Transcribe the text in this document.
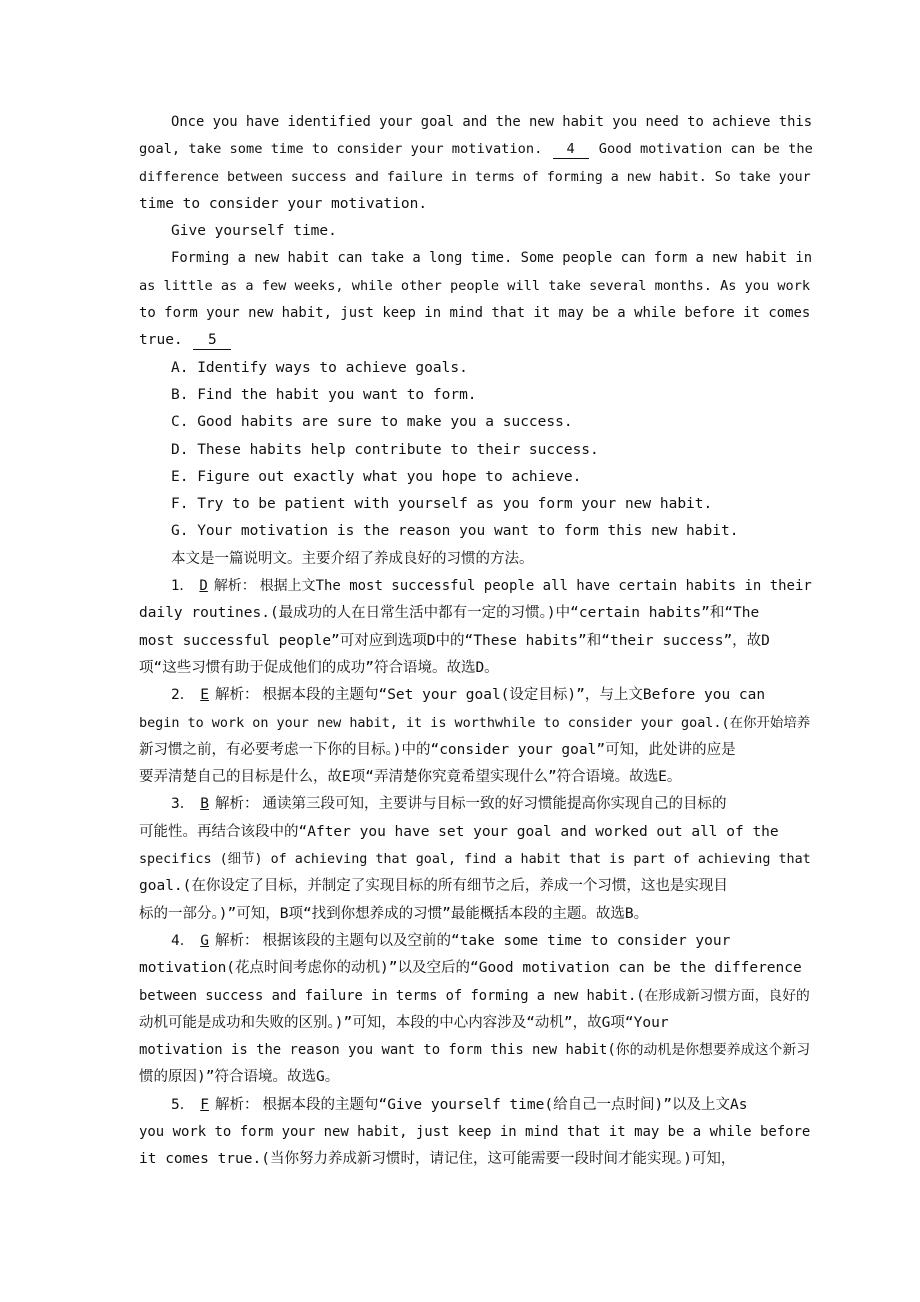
Once you have identified your goal and the new habit you need to achieve this
goal, take some time to consider your motivation. 4 Good motivation can be the
difference between success and failure in terms of forming a new habit. So take your
time to consider your motivation.
Give yourself time.
Forming a new habit can take a long time. Some people can form a new habit in
as little as a few weeks, while other people will take several months. As you work
to form your new habit, just keep in mind that it may be a while before it comes
true. 5
A. Identify ways to achieve goals.
B. Find the habit you want to form.
C. Good habits are sure to make you a success.
D. These habits help contribute to their success.
E. Figure out exactly what you hope to achieve.
F. Try to be patient with yourself as you form your new habit.
G. Your motivation is the reason you want to form this new habit.
本文是一篇说明文。主要介绍了养成良好的习惯的方法。
1． D 解析： 根据上文The most successful people all have certain habits in their
daily routines.(最成功的人在日常生活中都有一定的习惯。)中“certain habits”和“The
most successful people”可对应到选项D中的“These habits”和“their success”，故D
项“这些习惯有助于促成他们的成功”符合语境。故选D。
2． E 解析： 根据本段的主题句“Set your goal(设定目标)”，与上文Before you can
begin to work on your new habit, it is worthwhile to consider your goal.(在你开始培养
新习惯之前，有必要考虑一下你的目标。)中的“consider your goal”可知，此处讲的应是
要弄清楚自己的目标是什么，故E项“弄清楚你究竟希望实现什么”符合语境。故选E。
3． B 解析： 通读第三段可知，主要讲与目标一致的好习惯能提高你实现自己的目标的
可能性。再结合该段中的“After you have set your goal and worked out all of the
specifics (细节) of achieving that goal, find a habit that is part of achieving that
goal.(在你设定了目标，并制定了实现目标的所有细节之后，养成一个习惯，这也是实现目
标的一部分。)”可知，B项“找到你想养成的习惯”最能概括本段的主题。故选B。
4． G 解析： 根据该段的主题句以及空前的“take some time to consider your
motivation(花点时间考虑你的动机)”以及空后的“Good motivation can be the difference
between success and failure in terms of forming a new habit.(在形成新习惯方面，良好的
动机可能是成功和失败的区别。)”可知，本段的中心内容涉及“动机”，故G项“Your
motivation is the reason you want to form this new habit(你的动机是你想要养成这个新习
惯的原因)”符合语境。故选G。
5． F 解析： 根据本段的主题句“Give yourself time(给自己一点时间)”以及上文As
you work to form your new habit, just keep in mind that it may be a while before
it comes true.(当你努力养成新习惯时，请记住，这可能需要一段时间才能实现。)可知，
